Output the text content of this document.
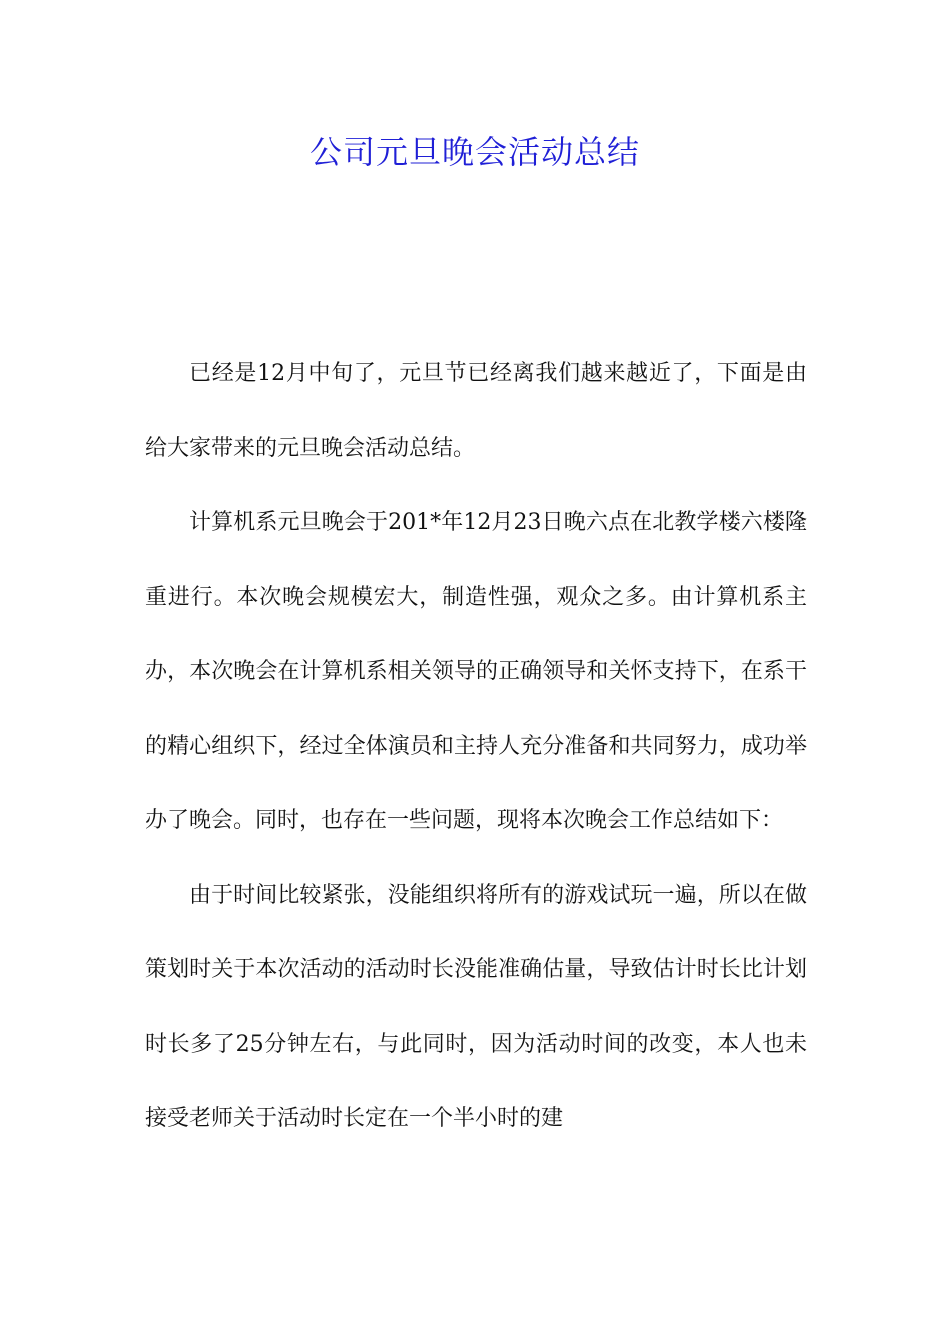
公司元旦晚会活动总结

已经是12月中旬了，元旦节已经离我们越来越近了，下面是由给大家带来的元旦晚会活动总结。

计算机系元旦晚会于201*年12月23日晚六点在北教学楼六楼隆重进行。本次晚会规模宏大，制造性强，观众之多。由计算机系主办，本次晚会在计算机系相关领导的正确领导和关怀支持下，在系干的精心组织下，经过全体演员和主持人充分准备和共同努力，成功举办了晚会。同时，也存在一些问题，现将本次晚会工作总结如下：

由于时间比较紧张，没能组织将所有的游戏试玩一遍，所以在做策划时关于本次活动的活动时长没能准确估量，导致估计时长比计划时长多了25分钟左右，与此同时，因为活动时间的改变，本人也未接受老师关于活动时长定在一个半小时的建
